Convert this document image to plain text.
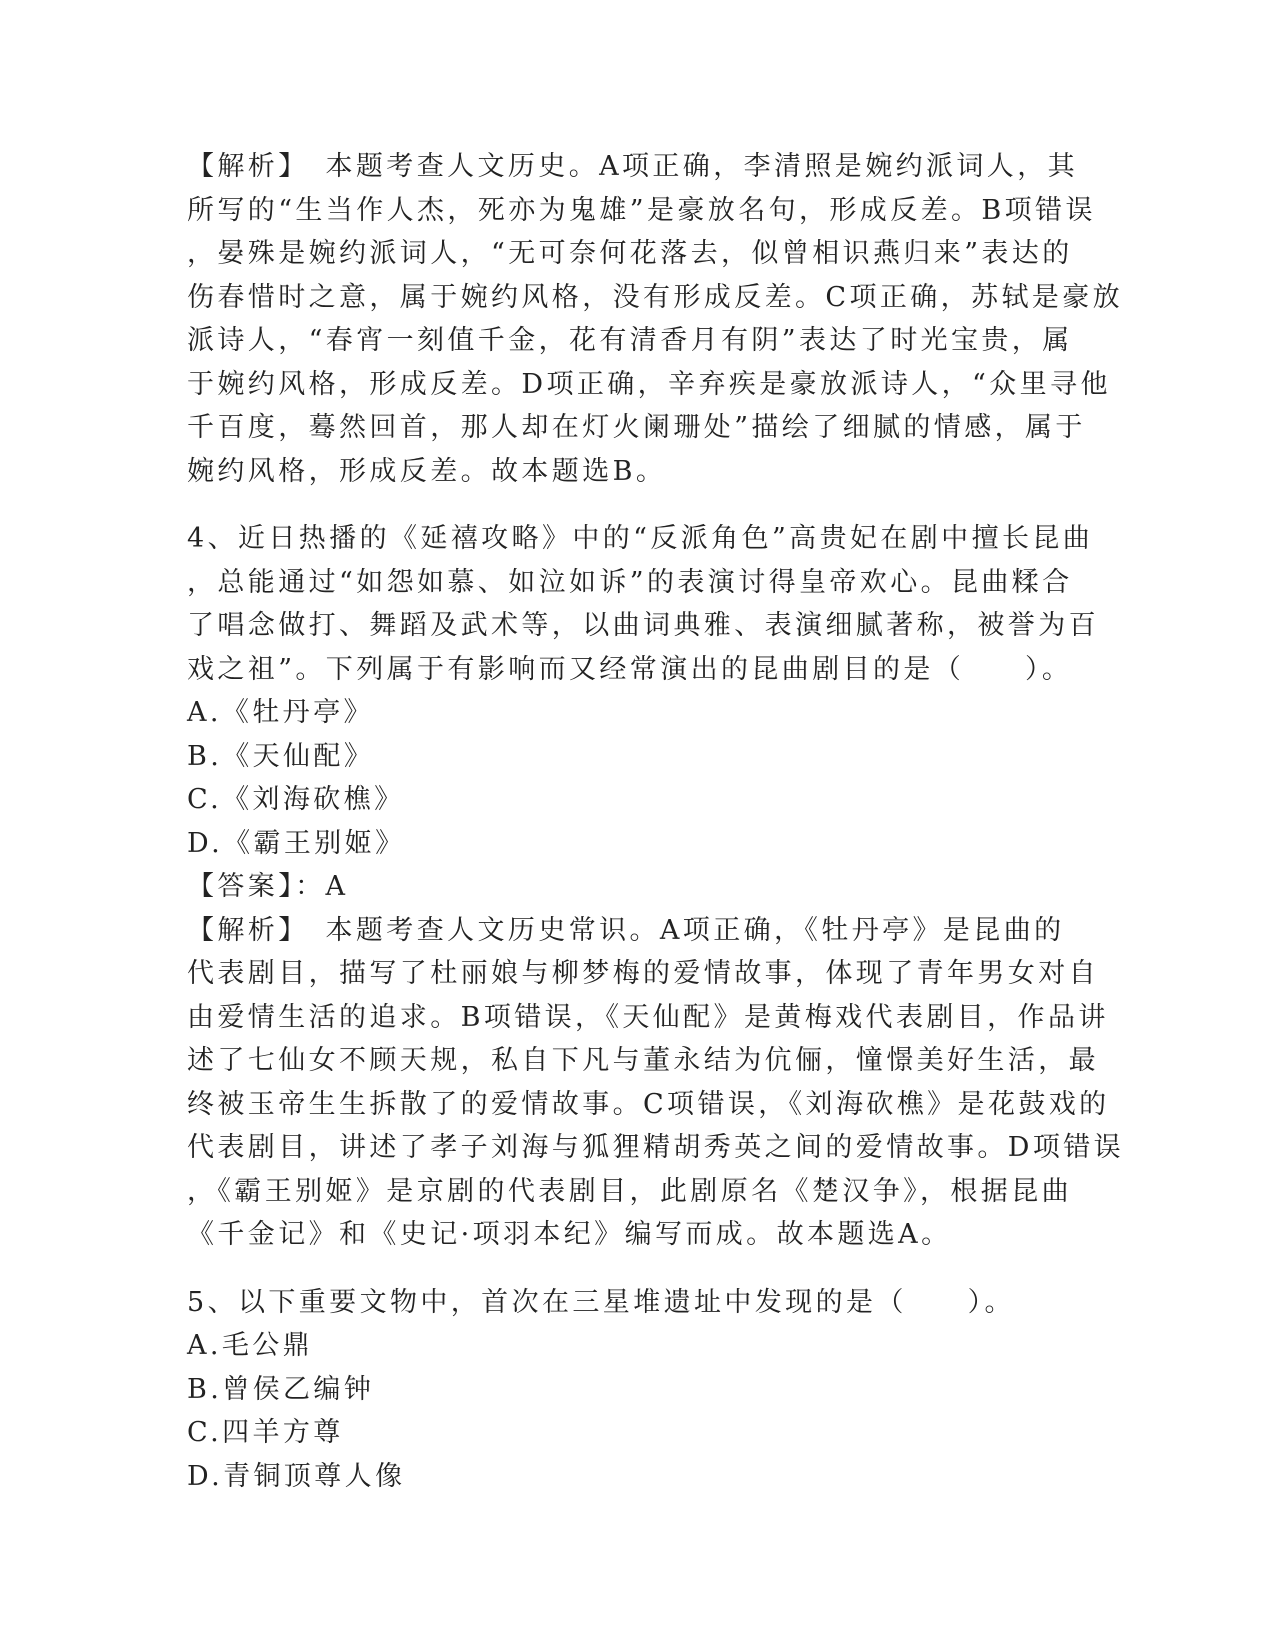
【解析】　本题考查人文历史。A项正确，李清照是婉约派词人，其
所写的“生当作人杰，死亦为鬼雄”是豪放名句，形成反差。B项错误
，晏殊是婉约派词人，“无可奈何花落去，似曾相识燕归来”表达的
伤春惜时之意，属于婉约风格，没有形成反差。C项正确，苏轼是豪放
派诗人，“春宵一刻值千金，花有清香月有阴”表达了时光宝贵，属
于婉约风格，形成反差。D项正确，辛弃疾是豪放派诗人，“众里寻他
千百度，蓦然回首，那人却在灯火阑珊处”描绘了细腻的情感，属于
婉约风格，形成反差。故本题选B。
4、近日热播的《延禧攻略》中的“反派角色”高贵妃在剧中擅长昆曲
，总能通过“如怨如慕、如泣如诉”的表演讨得皇帝欢心。昆曲糅合
了唱念做打、舞蹈及武术等，以曲词典雅、表演细腻著称，被誉为百
戏之祖”。下列属于有影响而又经常演出的昆曲剧目的是（　　）。
A.《牡丹亭》
B.《天仙配》
C.《刘海砍樵》
D.《霸王别姬》
【答案】：A
【解析】　本题考查人文历史常识。A项正确，《牡丹亭》是昆曲的
代表剧目，描写了杜丽娘与柳梦梅的爱情故事，体现了青年男女对自
由爱情生活的追求。B项错误，《天仙配》是黄梅戏代表剧目，作品讲
述了七仙女不顾天规，私自下凡与董永结为伉俪，憧憬美好生活，最
终被玉帝生生拆散了的爱情故事。C项错误，《刘海砍樵》是花鼓戏的
代表剧目，讲述了孝子刘海与狐狸精胡秀英之间的爱情故事。D项错误
，《霸王别姬》是京剧的代表剧目，此剧原名《楚汉争》，根据昆曲
《千金记》和《史记·项羽本纪》编写而成。故本题选A。
5、以下重要文物中，首次在三星堆遗址中发现的是（　　）。
A.毛公鼎
B.曾侯乙编钟
C.四羊方尊
D.青铜顶尊人像
